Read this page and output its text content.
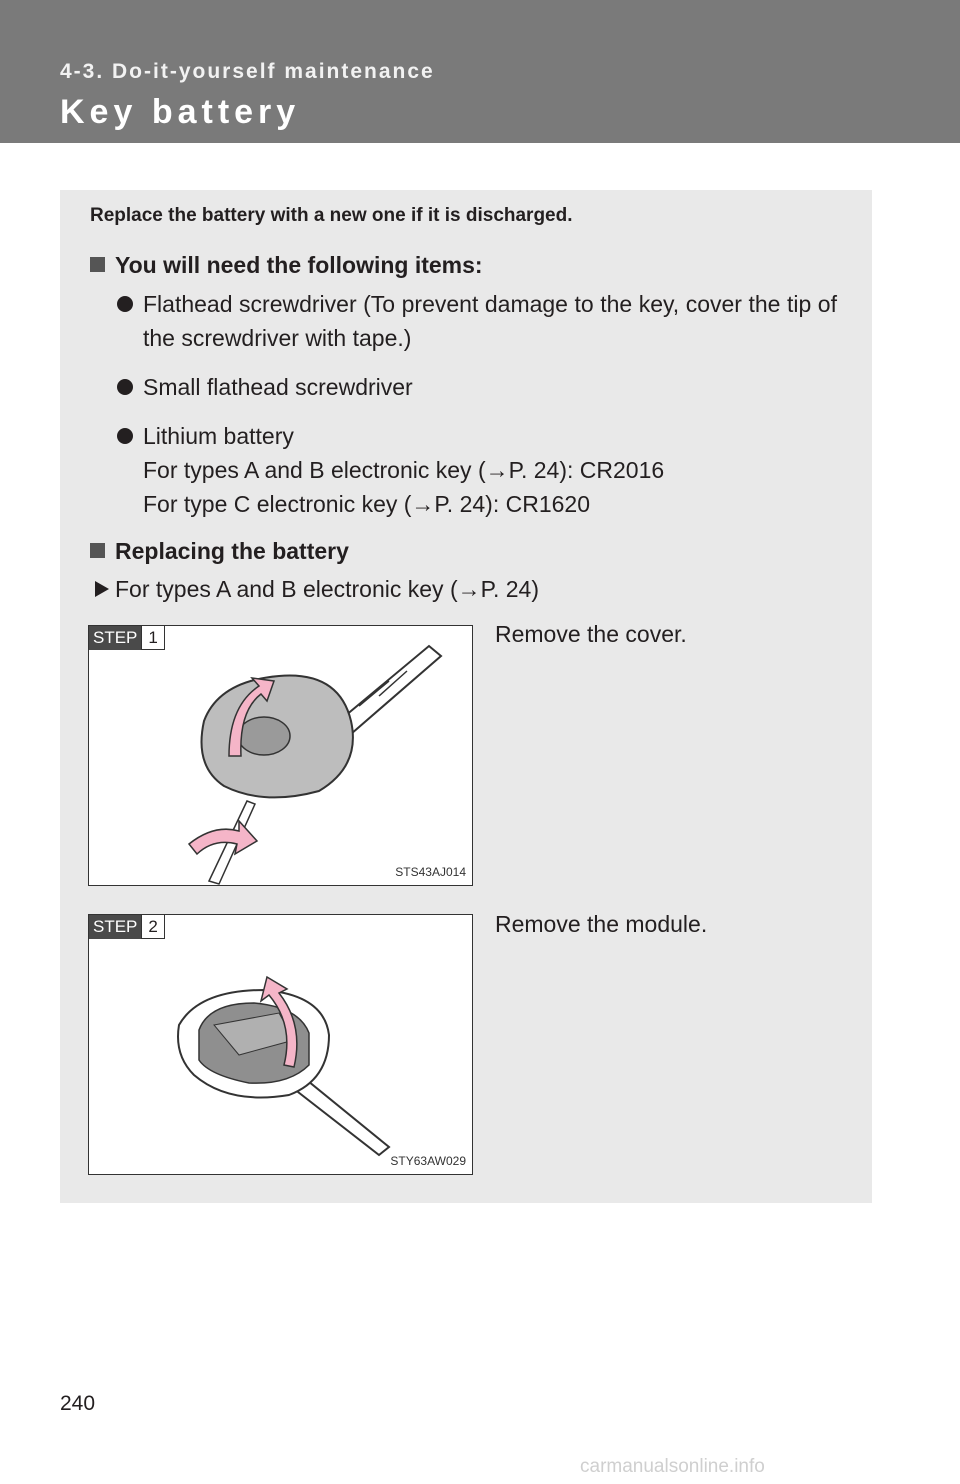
4-3. Do-it-yourself maintenance
Key battery
Replace the battery with a new one if it is discharged.
You will need the following items:
Flathead screwdriver (To prevent damage to the key, cover the tip of the screwdriver with tape.)
Small flathead screwdriver
Lithium battery
For types A and B electronic key (→P. 24): CR2016
For type C electronic key (→P. 24): CR1620
Replacing the battery
For types A and B electronic key (→P. 24)
STEP 1
STS43AJ014
Remove the cover.
STEP 2
STY63AW029
Remove the module.
240
carmanualsonline.info
